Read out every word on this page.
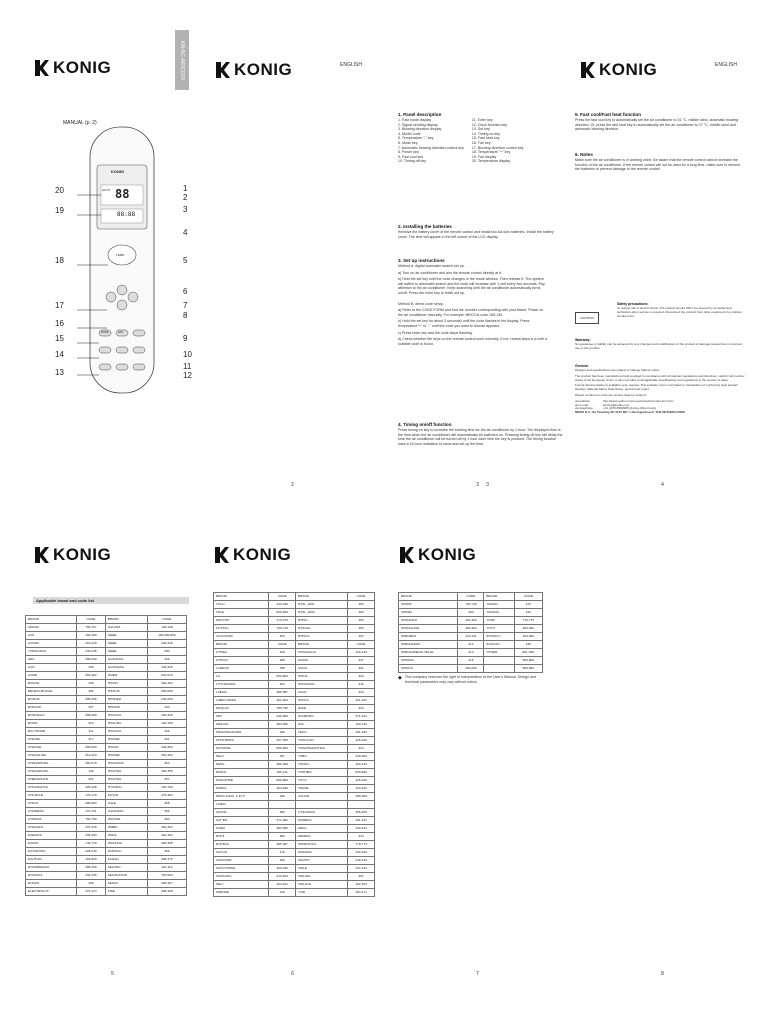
KONIG	KN-RC-AIRCO10
MANUAL (p. 2)
KONIG
88:88
88
AUTO
TEMP
MODE	FAN
20
19
18
17
16
15
14
13
1
2
3
4
5
6
7
8
9
10
11
12
2
KONIG	ENGLISH

1. Panel description

1. Fast mode display
2. Signal sending display
3. Blowing direction display
4. Model code
5. Temperature "-" key
6. Mode key
7. Automatic blowing direction control key
8. Power key
9. Fast cool key
10. Timing off key
11. Enter key
12. Clock function key
13. Set key
14. Timing on key
15. Fast heat key
16. Fan key
17. Blowing direction control key
18. Temperature "+" key
19. Fan display
20. Temperature display

2. Installing the batteries

Remove the battery cover of the remote control and install two AA size batteries. Install the battery cover. The time will appear in the left corner of the LCD display.

3. Set up instructions

Method A: digital automatic search set up.

a) Turn on air conditioner and aim the remote control directly at it.

b) Hold the set key until the code changes in the mode window. Then release it. The system will switch to automatic search and the code will increase with 1 unit every two seconds. Pay attention to the air conditioner. Keep searching until the air conditioner automatically turns on/off. Press the enter key to finish set up.

Method B: direct code setup.

a) Refer to the CODE FORM and find the number corresponding with your brand. Power on the air conditioner manually. For example: BEKO is code 168-190.

b) Hold the set key for about 3 seconds) until the code flashes in the display. Press temperature"+" or "-" until the code you want to choose appears.

c) Press enter key and the code stops flashing.

d) Check whether the keys on the remote control work normally. If not, repeat steps b-d until a suitable code is found.

4. Timing on/off function

Press timing on key to increase the starting time for the air conditioner by 1 hour. The displayed time is the time when the air conditioner will automatically be switched on. Pressing timing off key will delay the time the air conditioner will be turned off by 1 hour each time the key is pressed. The timing function uses a 15-hour indication to show and set up the time.

3
KONIG	ENGLISH

5. Fast cool/Fast heat function

Press the fast cool key to automatically set the air conditioner to 31 °C, middle wind, automatic blowing direction. Or, press the fast heat key to automatically set the air conditioner to 27 °C, middle wind and automatic blowing direction.

6. Notes

Make sure the air conditioner is in working order. Be aware that the remote control cannot increase the function of the air conditioner. If the remote control will not be used for a long time, make sure to remove the batteries to prevent damage to the remote control.

CAUTION

Safety precautions:

To reduce risk of electric shock, this product should ONLY be opened by an authorized technician when service is required. Disconnect the product from other equipment if a problem should occur.

Warranty:

No guarantee or liability can be accepted for any changes and modifications of the product or damage caused due to incorrect use of this product.

General:

Designs and specifications are subject to change without notice.

The product has been manufactured and supplied in compliance with all relevant regulations and directives, valid for all member states of the European Union. It also complies to all applicable specifications and regulations in the country of sales.

Formal documentation is available upon request. This includes, but is not limited to: Declaration of Conformity (and product identity), Material Safety Data Sheet, product test report.

Please contact our customer service desk for support:

via website:	http://www.nedis.com/en-us/contact/contact-form.htm
via e-mail:	service@nedis.com
via telephone:	+31 (0)73-5993965 (during office hours)

NEDIS B.V., De Tweeling 28, 5215 MC 's-Hertogenbosch, THE NETHERLANDS

4
3
KONIG
Applicable brand and code list
BRAND	CODE	BRAND	CODE
AMANA	766-767	GALANZ	146-148
AUX	160-169	GREE	100,650-659
AUCMA	210-229	GREE	342-345
YORGUANG	243-245	GREE	280
AEG	290-299	GUANGDA	346
AQU	330	GUANGZIA	345-346
ACME	301-302	HAIER	001-019
BAIXUE	248	HICON	301-302
BEIJING-BOJIAN	384	HITACHI	600-659
BOSNIA	305-306	HOSHER	230-259
BORJOR	337	HONGHI	340
BOSHIGAO	308-309	HUAGAO	330-339
BOWS	310	HUALING	120-159
BAI-THUME	311	HUAGAO	346
CHIGNG	317	HUAMEI	281
CHANGE	660-669	HUAKE	346-350
CHANGLING	312-323	HUAMEI	351-352
CHANGHONG	060-079	HUAXIANG	353
CHANGDONG	140	HUATING	354-356
CHENGHUAN	324	HUATING	357
CHUANGHUA	325-328	HYUNDAI	760-799
CHUNLAN	170-179	INYCIN	475-483
CHIGO	080-084	JIALE	358
CONMESS	137-341	JIANGNAN	359
CORONA	760-769	JINSTAR	360
CHANGFU	337-338	JINBEI	361-362
DAEWOO	332-333	JINDA	461-462
DAIKIN	740-779	JINGTING	363-365
DAYANTING	228-230	JIOPPGU	366
DAUTIAN	181-829	KANGLI	306-370
DONGBEIMAO	265-268	KELONG	110-119
DONGXIA	334-335	KELVINATOR	787-800
DUNAN	336	KENKA	366-367
ELECTROLUX	471-474	KIDE	306-308
5
KONIG
BRAND	CODE	BRAND	CODE
TOLLI	240-248	NTSL_2001	283
TOLE	829-839	NTSL_2002	284
PROVITA	270-279	NTHIG	283
FUJITSU	700-719	NTSOLE	283
GOLDSTAR	300	NTHIGC	287
BRAND	CODE	BRAND	CODE
KTHIEA	200	SHANGGLIU	416-418
KTHIOS	286	SIGMA	447
LANDON	788	SOGO	391
LG	600-609	SOKIA	392
LITTLESWAN	403	SONGXING	419
LABAIA	386-387	SOVA	420
LIMEN-VIDEO	461-463	SONYA	421-422
MCQUAY	785-795	SAFE	423
MDI	040-059	SUNBURG	371-424
MEILING	384-386	SOL	120-139
MINGXINGJIXIEN	290	TECO	431-439
MITSUBISHI	357-359	TIANYUAN	425-428
NATIONAL	800-830	TIANXINDIAOTIAO	424
NEGI	467	TOBO	239-289
NESS	386-399	TONGLI	429-430
NMICO	305-411	TOSHIBA	830-839
PANGSHKE	860-869	TOYO	425-428
PANDA	464-466	TRANE	410-416
PENG FANG, X IN H	290	UNI AIR	288-289
LIABAI			
QIXING	380	UTSUDOCK	456-465
SAY BO	371-382	WANBAO	431-433
SOMA	383-385	WEILI	440-443
RICHI	386	WEIDDA	444
RUIHING	385-387	WHIRLPOOL	770-774
SACON	416	WUFENG	440-446
SANCHAM	180	WUZHO	448-449
SANYOSHKE	300-330	XINLE	437-440
SAMSUNG	610-629	XINLING	451
SELY	403-402	XINLEYE	462-453
SHENRE	440	YAIR	463-471
6
KONIG
BRAND	CODE	BRAND	CODE
SHARP	720-739	YADAIN	470
SHIMEI	400	YIDIANG	444
SHANGHAI	401-402	YORK	770-779
SHANGLING	403-404	YOTU	484-490
SHENBAO	410-411	ZHONGYI	403-406
SHENGFENG	412	ZOOCAN	445
SHENGSHENG-TELLE	413	OTHER	406, 466,
SHINING	415		806-809
SHINCO	200-209		809-899
◆ This company reserves the right to interpretation of the User's Manual. Design and technical parameters may vary without notice.

7	8
